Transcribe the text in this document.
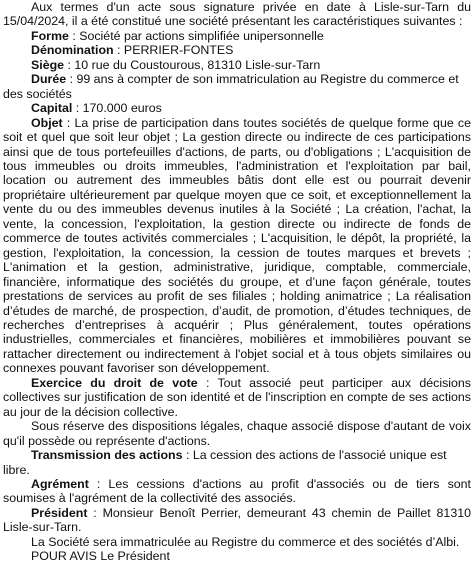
Aux termes d'un acte sous signature privée en date à Lisle-sur-Tarn du 15/04/2024, il a été constitué une société présentant les caractéristiques suivantes :

Forme : Société par actions simplifiée unipersonnelle

Dénomination : PERRIER-FONTES

Siège : 10 rue du Coustourous, 81310 Lisle-sur-Tarn

Durée : 99 ans à compter de son immatriculation au Registre du commerce et des sociétés

Capital : 170.000 euros

Objet : La prise de participation dans toutes sociétés de quelque forme que ce soit et quel que soit leur objet ; La gestion directe ou indirecte de ces participations ainsi que de tous portefeuilles d'actions, de parts, ou d'obligations ; L'acquisition de tous immeubles ou droits immeubles, l'administration et l'exploitation par bail, location ou autrement des immeubles bâtis dont elle est ou pourrait devenir propriétaire ultérieurement par quelque moyen que ce soit, et exceptionnellement la vente du ou des immeubles devenus inutiles à la Société ; La création, l'achat, la vente, la concession, l'exploitation, la gestion directe ou indirecte de fonds de commerce de toutes activités commerciales ; L'acquisition, le dépôt, la propriété, la gestion, l'exploitation, la concession, la cession de toutes marques et brevets ; L'animation et la gestion, administrative, juridique, comptable, commerciale, financière, informatique des sociétés du groupe, et d’une façon générale, toutes prestations de services au profit de ses filiales ; holding animatrice ; La réalisation d’études de marché, de prospection, d’audit, de promotion, d’études techniques, de recherches d’entreprises à acquérir ; Plus généralement, toutes opérations industrielles, commerciales et financières, mobilières et immobilières pouvant se rattacher directement ou indirectement à l'objet social et à tous objets similaires ou connexes pouvant favoriser son développement.

Exercice du droit de vote : Tout associé peut participer aux décisions collectives sur justification de son identité et de l'inscription en compte de ses actions au jour de la décision collective.

Sous réserve des dispositions légales, chaque associé dispose d'autant de voix qu'il possède ou représente d'actions.

Transmission des actions : La cession des actions de l'associé unique est libre.

Agrément : Les cessions d'actions au profit d'associés ou de tiers sont soumises à l'agrément de la collectivité des associés.

Président : Monsieur Benoît Perrier, demeurant 43 chemin de Paillet 81310 Lisle-sur-Tarn.

La Société sera immatriculée au Registre du commerce et des sociétés d’Albi.

POUR AVIS Le Président
